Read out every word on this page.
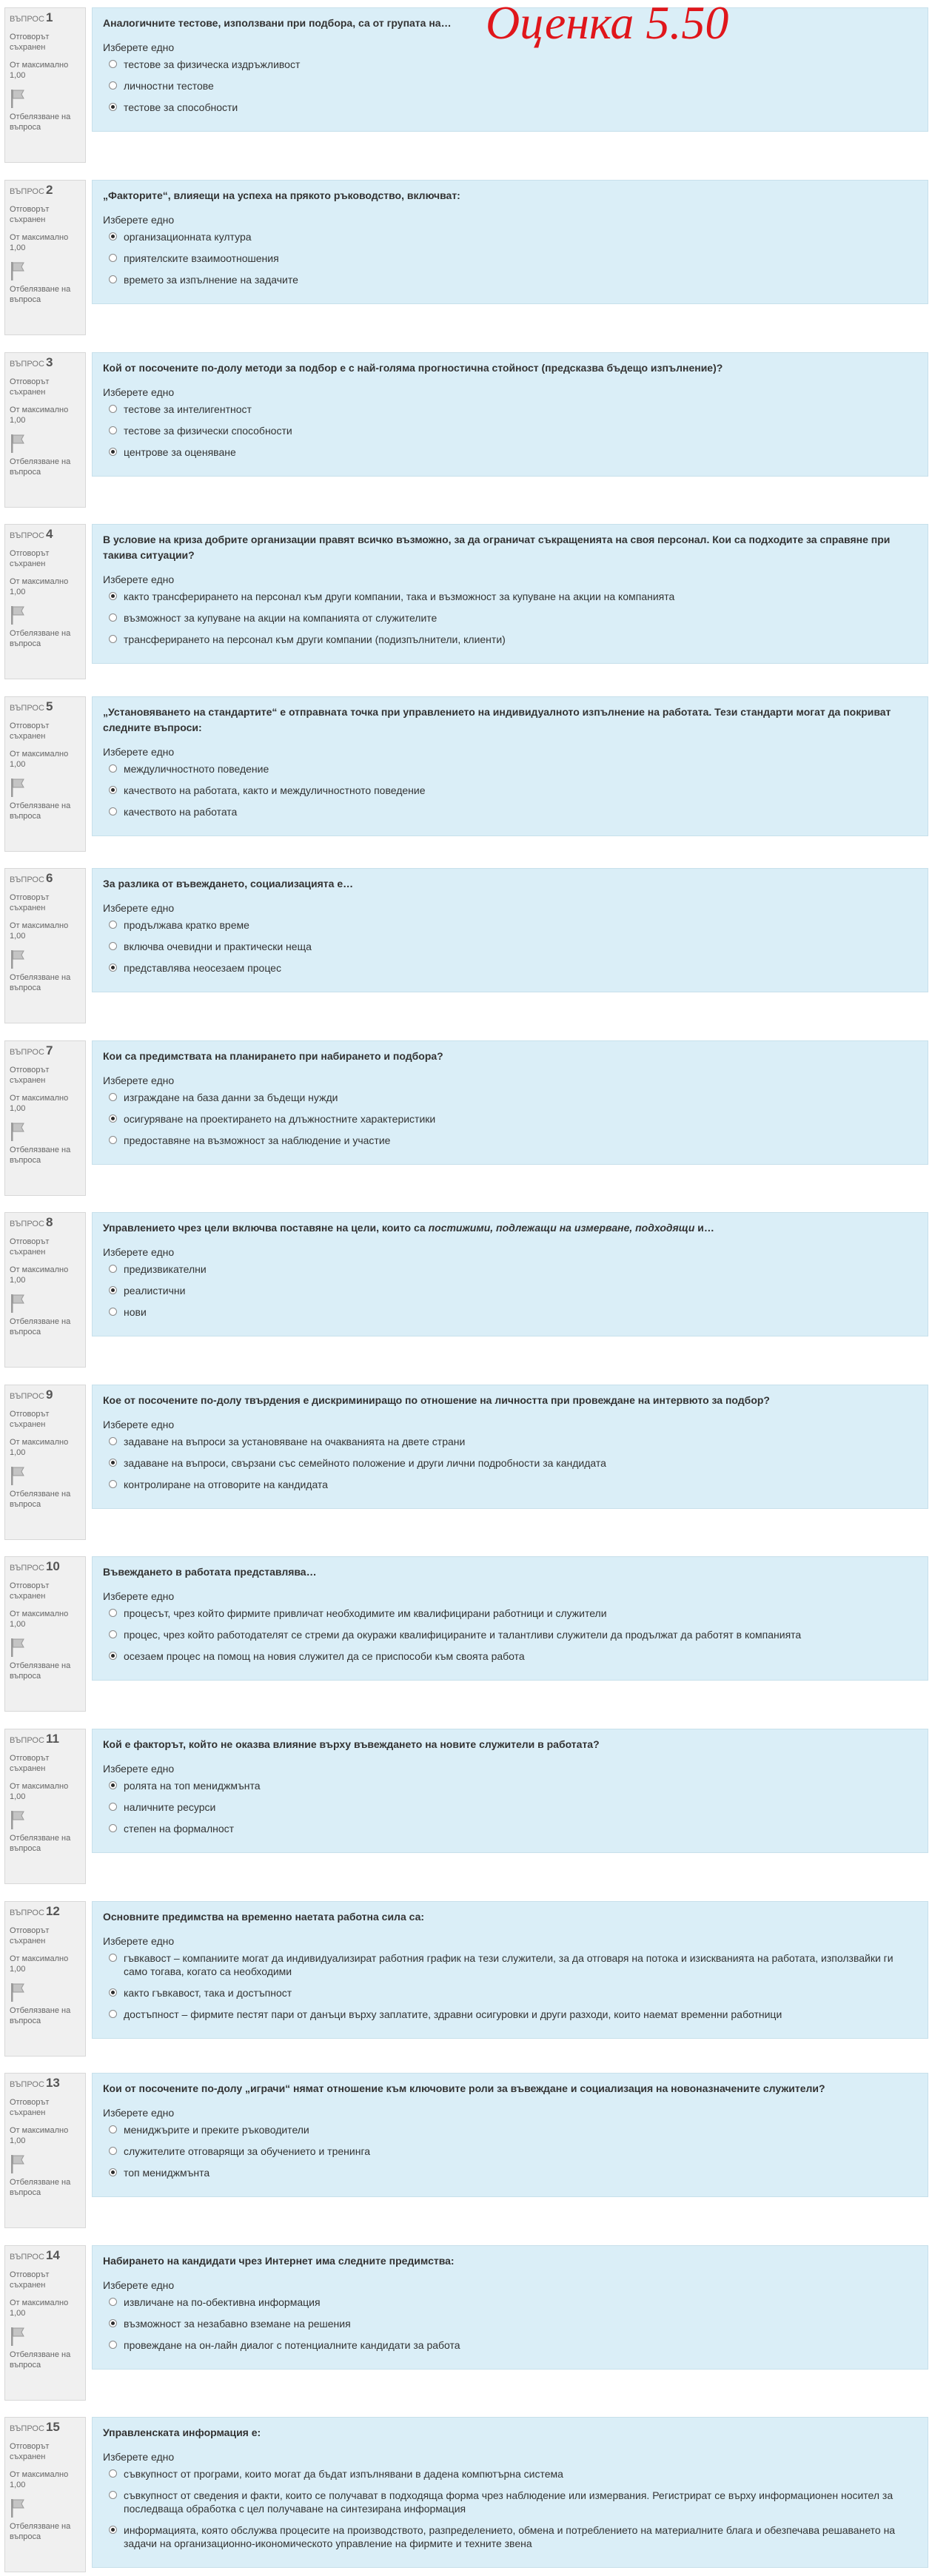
Оценка 5.50
ВЪПРОС 1
Отговорът съхранен
От максимално 1,00
Отбелязване на въпроса
Аналогичните тестове, използвани при подбора, са от групата на…
Изберете едно
тестове за физическа издръжливост
личностни тестове
тестове за способности
ВЪПРОС 2
Отговорът съхранен
От максимално 1,00
Отбелязване на въпроса
„Факторите“, влияещи на успеха на прякото ръководство, включват:
Изберете едно
организационната култура
приятелските взаимоотношения
времето за изпълнение на задачите
ВЪПРОС 3
Отговорът съхранен
От максимално 1,00
Отбелязване на въпроса
Кой от посочените по-долу методи за подбор е с най-голяма прогностична стойност (предсказва бъдещо изпълнение)?
Изберете едно
тестове за интелигентност
тестове за физически способности
центрове за оценяване
ВЪПРОС 4
Отговорът съхранен
От максимално 1,00
Отбелязване на въпроса
В условие на криза добрите организации правят всичко възможно, за да ограничат съкращенията на своя персонал. Кои са подходите за справяне при такива ситуации?
Изберете едно
както трансферирането на персонал към други компании, така и възможност за купуване на акции на компанията
възможност за купуване на акции на компанията от служителите
трансферирането на персонал към други компании (подизпълнители, клиенти)
ВЪПРОС 5
Отговорът съхранен
От максимално 1,00
Отбелязване на въпроса
„Установяването на стандартите“ е отправната точка при управлението на индивидуалното изпълнение на работата. Тези стандарти могат да покриват следните въпроси:
Изберете едно
междуличностното поведение
качеството на работата, както и междуличностното поведение
качеството на работата
ВЪПРОС 6
Отговорът съхранен
От максимално 1,00
Отбелязване на въпроса
За разлика от въвеждането, социализацията е…
Изберете едно
продължава кратко време
включва очевидни и практически неща
представлява неосезаем процес
ВЪПРОС 7
Отговорът съхранен
От максимално 1,00
Отбелязване на въпроса
Кои са предимствата на планирането при набирането и подбора?
Изберете едно
изграждане на база данни за бъдещи нужди
осигуряване на проектирането на длъжностните характеристики
предоставяне на възможност за наблюдение и участие
ВЪПРОС 8
Отговорът съхранен
От максимално 1,00
Отбелязване на въпроса
Управлението чрез цели включва поставяне на цели, които са постижими, подлежащи на измерване, подходящи и…
Изберете едно
предизвикателни
реалистични
нови
ВЪПРОС 9
Отговорът съхранен
От максимално 1,00
Отбелязване на въпроса
Кое от посочените по-долу твърдения е дискриминиращо по отношение на личността при провеждане на интервюто за подбор?
Изберете едно
задаване на въпроси за установяване на очакванията на двете страни
задаване на въпроси, свързани със семейното положение и други лични подробности за кандидата
контролиране на отговорите на кандидата
ВЪПРОС 10
Отговорът съхранен
От максимално 1,00
Отбелязване на въпроса
Въвеждането в работата представлява…
Изберете едно
процесът, чрез който фирмите привличат необходимите им квалифицирани работници и служители
процес, чрез който работодателят се стреми да окуражи квалифицираните и талантливи служители да продължат да работят в компанията
осезаем процес на помощ на новия служител да се приспособи към своята работа
ВЪПРОС 11
Отговорът съхранен
От максимално 1,00
Отбелязване на въпроса
Кой е факторът, който не оказва влияние върху въвеждането на новите служители в работата?
Изберете едно
ролята на топ мениджмънта
наличните ресурси
степен на формалност
ВЪПРОС 12
Отговорът съхранен
От максимално 1,00
Отбелязване на въпроса
Основните предимства на временно наетата работна сила са:
Изберете едно
гъвкавост – компаниите могат да индивидуализират работния график на тези служители, за да отговаря на потока и изискванията на работата, използвайки ги само тогава, когато са необходими
както гъвкавост, така и достъпност
достъпност – фирмите пестят пари от данъци върху заплатите, здравни осигуровки и други разходи, които наемат временни работници
ВЪПРОС 13
Отговорът съхранен
От максимално 1,00
Отбелязване на въпроса
Кои от посочените по-долу „играчи“ нямат отношение към ключовите роли за въвеждане и социализация на новоназначените служители?
Изберете едно
мениджърите и преките ръководители
служителите отговарящи за обучението и тренинга
топ мениджмънта
ВЪПРОС 14
Отговорът съхранен
От максимално 1,00
Отбелязване на въпроса
Набирането на кандидати чрез Интернет има следните предимства:
Изберете едно
извличане на по-обективна информация
възможност за незабавно вземане на решения
провеждане на он-лайн диалог с потенциалните кандидати за работа
ВЪПРОС 15
Отговорът съхранен
От максимално 1,00
Отбелязване на въпроса
Управленската информация е:
Изберете едно
съвкупност от програми, които могат да бъдат изпълнявани в дадена компютърна система
съвкупност от сведения и факти, които се получават в подходяща форма чрез наблюдение или измервания. Регистрират се върху информационен носител за последваща обработка с цел получаване на синтезирана информация
информацията, която обслужва процесите на производството, разпределението, обмена и потреблението на материалните блага и обезпечава решаването на задачи на организационно-икономическото управление на фирмите и техните звена
